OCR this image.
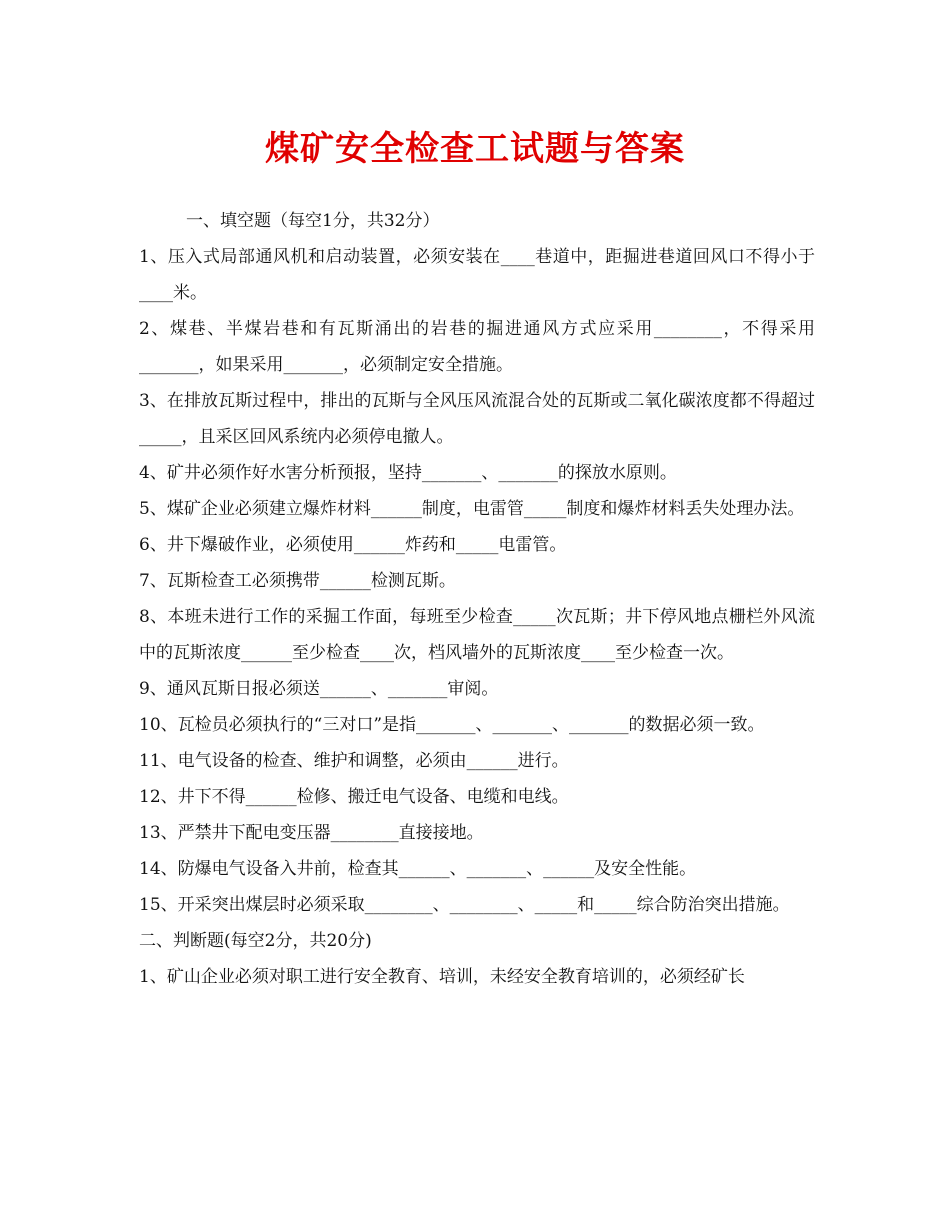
煤矿安全检查工试题与答案

一、填空题（每空1分，共32分）

1、压入式局部通风机和启动装置，必须安装在____巷道中，距掘进巷道回风口不得小于____米。

2、煤巷、半煤岩巷和有瓦斯涌出的岩巷的掘进通风方式应采用________，不得采用_______，如果采用_______，必须制定安全措施。

3、在排放瓦斯过程中，排出的瓦斯与全风压风流混合处的瓦斯或二氧化碳浓度都不得超过_____，且采区回风系统内必须停电撤人。

4、矿井必须作好水害分析预报，坚持_______、_______的探放水原则。

5、煤矿企业必须建立爆炸材料______制度，电雷管_____制度和爆炸材料丢失处理办法。

6、井下爆破作业，必须使用______炸药和_____电雷管。

7、瓦斯检查工必须携带______检测瓦斯。

8、本班未进行工作的采掘工作面，每班至少检查_____次瓦斯；井下停风地点栅栏外风流中的瓦斯浓度______至少检查____次，档风墙外的瓦斯浓度____至少检查一次。

9、通风瓦斯日报必须送______、_______审阅。

10、瓦检员必须执行的“三对口”是指_______、_______、_______的数据必须一致。

11、电气设备的检查、维护和调整，必须由______进行。

12、井下不得______检修、搬迁电气设备、电缆和电线。

13、严禁井下配电变压器________直接接地。

14、防爆电气设备入井前，检查其______、_______、______及安全性能。

15、开采突出煤层时必须采取________、________、_____和_____综合防治突出措施。

二、判断题(每空2分，共20分)

1、矿山企业必须对职工进行安全教育、培训，未经安全教育培训的，必须经矿长
